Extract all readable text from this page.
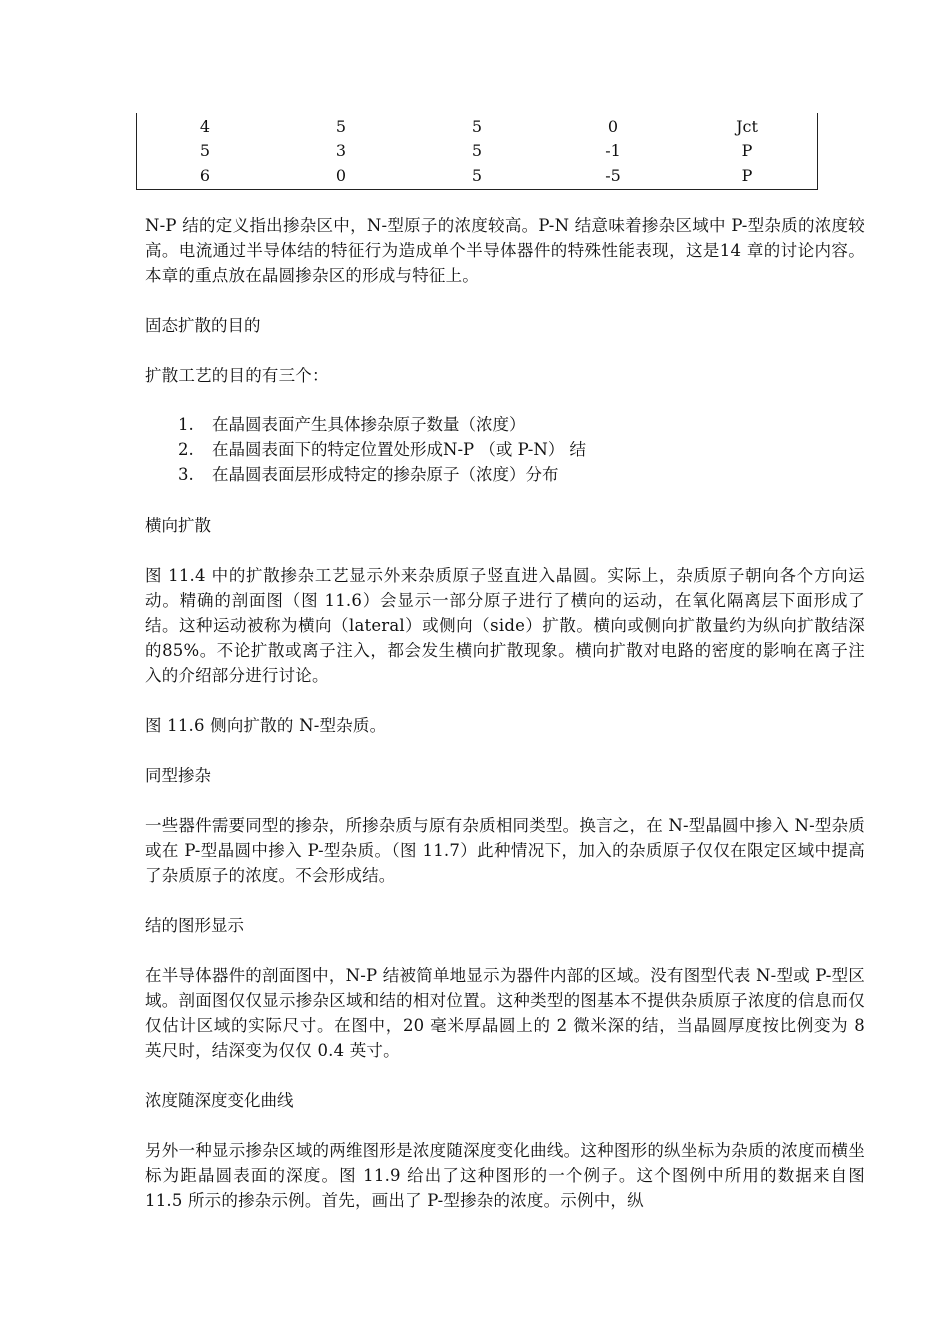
4	5	5	0	Jct
5	3	5	-1	P
6	0	5	-5	P
N-P 结的定义指出掺杂区中，N-型原子的浓度较高。P-N 结意味着掺杂区域中 P-型杂质的浓度较高。电流通过半导体结的特征行为造成单个半导体器件的特殊性能表现，这是14 章的讨论内容。本章的重点放在晶圆掺杂区的形成与特征上。
固态扩散的目的
扩散工艺的目的有三个：
1. 在晶圆表面产生具体掺杂原子数量（浓度）
2. 在晶圆表面下的特定位置处形成N-P （或 P-N） 结
3. 在晶圆表面层形成特定的掺杂原子（浓度）分布
横向扩散
图 11.4 中的扩散掺杂工艺显示外来杂质原子竖直进入晶圆。实际上，杂质原子朝向各个方向运动。精确的剖面图（图 11.6）会显示一部分原子进行了横向的运动，在氧化隔离层下面形成了结。这种运动被称为横向（lateral）或侧向（side）扩散。横向或侧向扩散量约为纵向扩散结深的85%。不论扩散或离子注入，都会发生横向扩散现象。横向扩散对电路的密度的影响在离子注入的介绍部分进行讨论。
图 11.6 侧向扩散的 N-型杂质。
同型掺杂
一些器件需要同型的掺杂，所掺杂质与原有杂质相同类型。换言之，在 N-型晶圆中掺入 N-型杂质或在 P-型晶圆中掺入 P-型杂质。（图 11.7）此种情况下，加入的杂质原子仅仅在限定区域中提高了杂质原子的浓度。不会形成结。
结的图形显示
在半导体器件的剖面图中，N-P 结被简单地显示为器件内部的区域。没有图型代表 N-型或 P-型区域。剖面图仅仅显示掺杂区域和结的相对位置。这种类型的图基本不提供杂质原子浓度的信息而仅仅估计区域的实际尺寸。在图中，20 毫米厚晶圆上的 2 微米深的结，当晶圆厚度按比例变为 8 英尺时，结深变为仅仅 0.4 英寸。
浓度随深度变化曲线
另外一种显示掺杂区域的两维图形是浓度随深度变化曲线。这种图形的纵坐标为杂质的浓度而横坐标为距晶圆表面的深度。图 11.9 给出了这种图形的一个例子。这个图例中所用的数据来自图 11.5 所示的掺杂示例。首先，画出了 P-型掺杂的浓度。示例中，纵
